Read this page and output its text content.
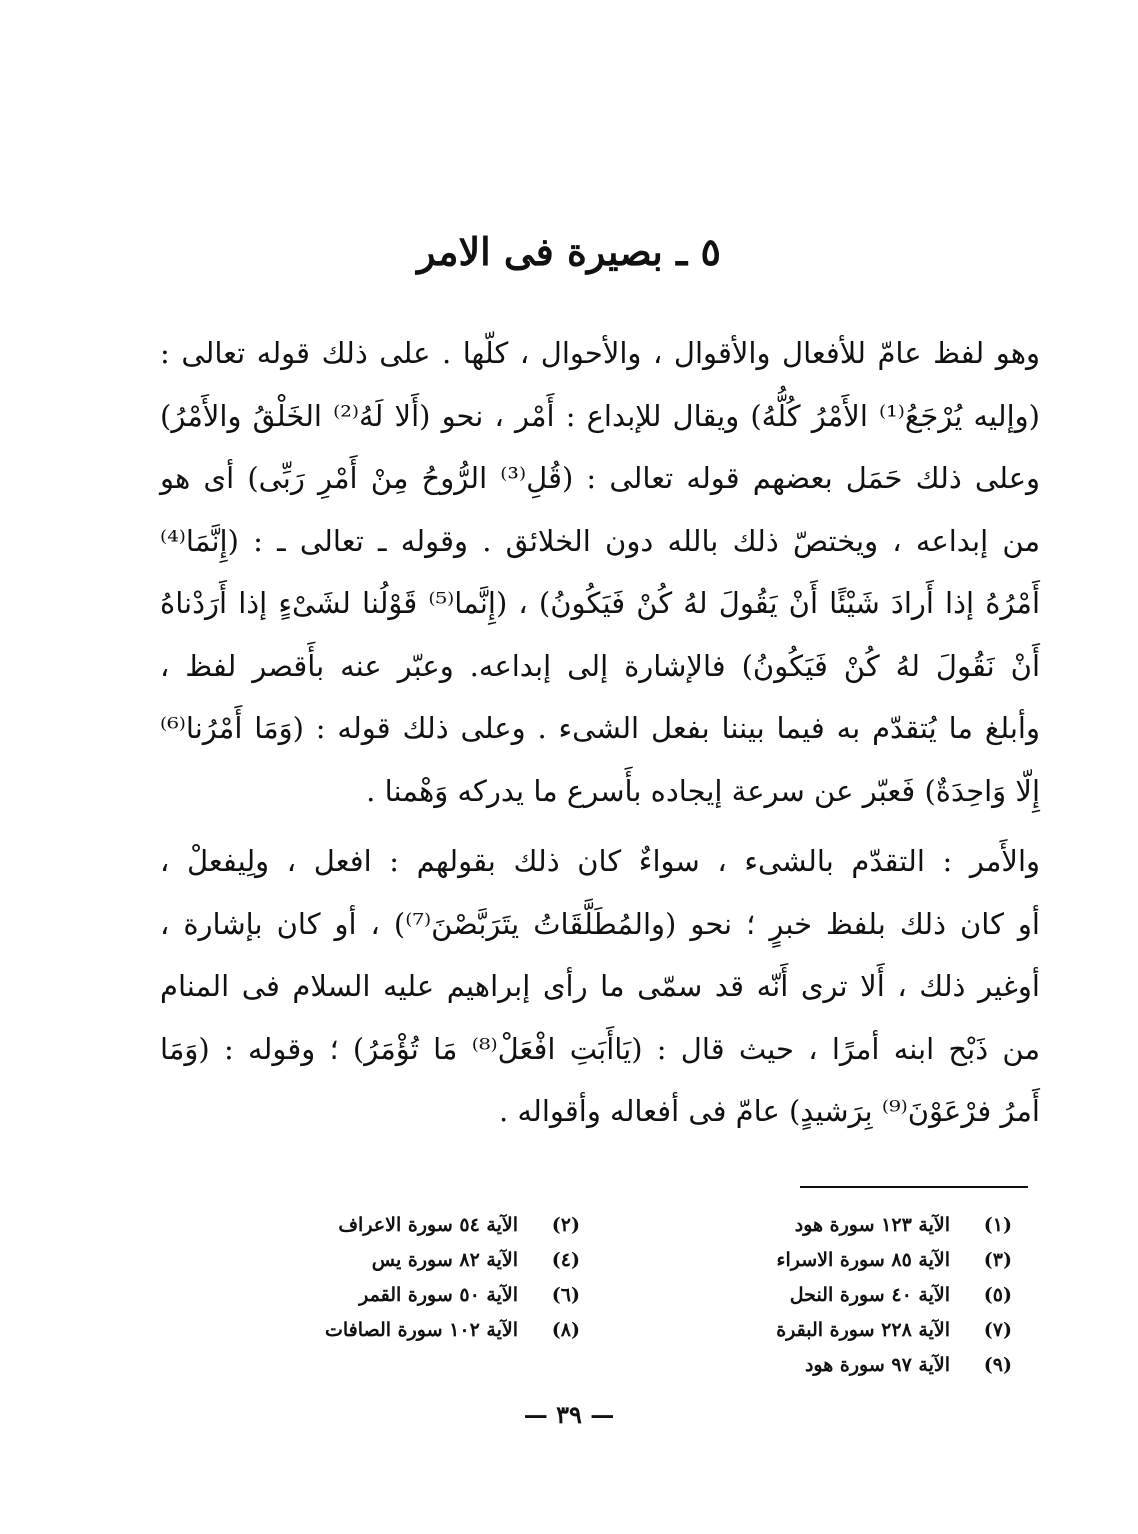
٥ ـ بصيرة فى الامر
وهو لفظ عامّ للأفعال والأقوال ، والأحوال ، كلّها . على ذلك قوله تعالى :
(وإليه يُرْجَعُ⁽¹⁾ الأَمْرُ كُلُّهُ) ويقال للإبداع : أَمْر ، نحو (أَلا لَهُ⁽²⁾ الخَلْقُ والأَمْرُ)
وعلى ذلك حَمَل بعضهم قوله تعالى : (قُلِ⁽³⁾ الرُّوحُ مِنْ أَمْرِ رَبِّى) أى هو
من إبداعه ، ويختصّ ذلك بالله دون الخلائق . وقوله ـ تعالى ـ : (إِنَّمَا⁽⁴⁾
أَمْرُهُ إذا أَرادَ شَيْئًا أَنْ يَقُولَ لهُ كُنْ فَيَكُونُ) ، (إِنَّما⁽⁵⁾ قَوْلُنا لشَىْءٍ إذا أَرَدْناهُ
أَنْ نَقُولَ لهُ كُنْ فَيَكُونُ) فالإشارة إلى إبداعه. وعبّر عنه بأَقصر لفظ ،
وأبلغ ما يُتقدّم به فيما بيننا بفعل الشىء . وعلى ذلك قوله : (وَمَا أَمْرُنا⁽⁶⁾
إِلّا وَاحِدَةٌ) فَعبّر عن سرعة إيجاده بأَسرع ما يدركه وَهْمنا .
والأَمر : التقدّم بالشىء ، سواءٌ كان ذلك بقولهم : افعل ، ولِيفعلْ ،
أو كان ذلك بلفظ خبرٍ ؛ نحو (والمُطَلَّقَاتُ يتَرَبَّصْنَ⁽⁷⁾) ، أو كان بإشارة ،
أوغير ذلك ، أَلا ترى أَنّه قد سمّى ما رأى إبراهيم عليه السلام فى المنام
من ذَبْح ابنه أمرًا ، حيث قال : (يَاأَبَتِ افْعَلْ⁽⁸⁾ مَا تُؤْمَرُ) ؛ وقوله : (وَمَا
أَمرُ فرْعَوْنَ⁽⁹⁾ بِرَشيدٍ) عامّ فى أفعاله وأقواله .
(١)
الآية ١٢٣ سورة هود
(٣)
الآية ٨٥ سورة الاسراء
(٥)
الآية ٤٠ سورة النحل
(٧)
الآية ٢٢٨ سورة البقرة
(٩)
الآية ٩٧ سورة هود
(٢)
الآية ٥٤ سورة الاعراف
(٤)
الآية ٨٢ سورة يس
(٦)
الآية ٥٠ سورة القمر
(٨)
الآية ١٠٢ سورة الصافات
— ٣٩ —
